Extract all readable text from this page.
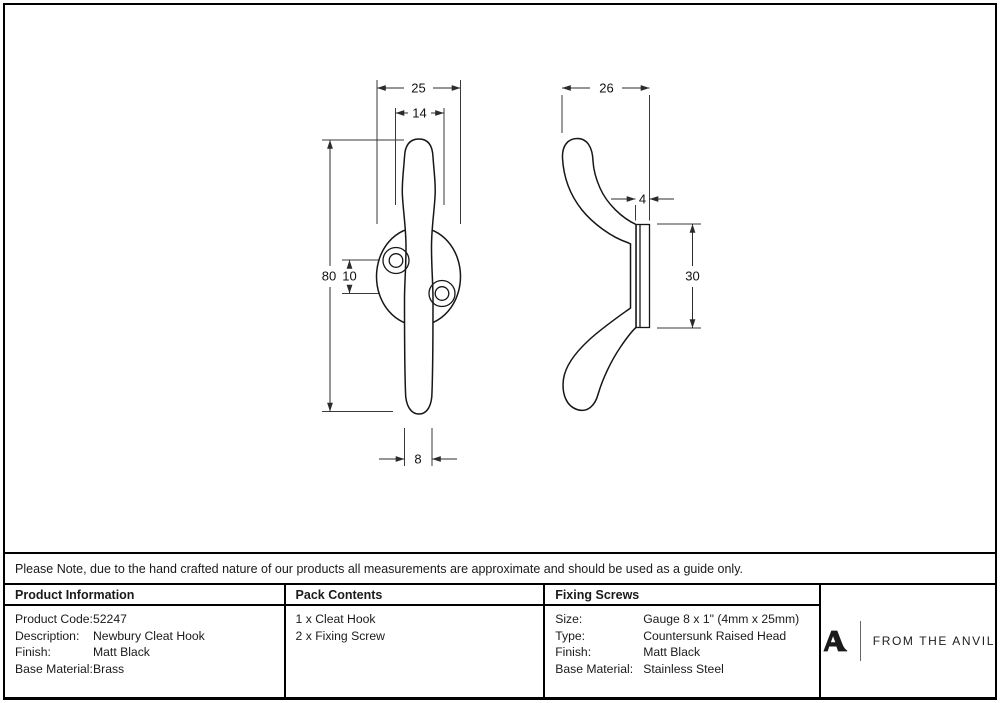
25
14
80 10
8
26
4
30
Please Note, due to the hand crafted nature of our products all measurements are approximate and should be used as a guide only.
Product Information
Product Code: 52247
Description:	Newbury Cleat Hook
Finish:	Matt Black
Base Material: Brass
Pack Contents
1 x Cleat Hook
2 x Fixing Screw
Fixing Screws
Size:	Gauge 8 x 1" (4mm x 25mm)
Type:	Countersunk Raised Head
Finish:	Matt Black
Base Material: Stainless Steel
FROM THE ANVIL
